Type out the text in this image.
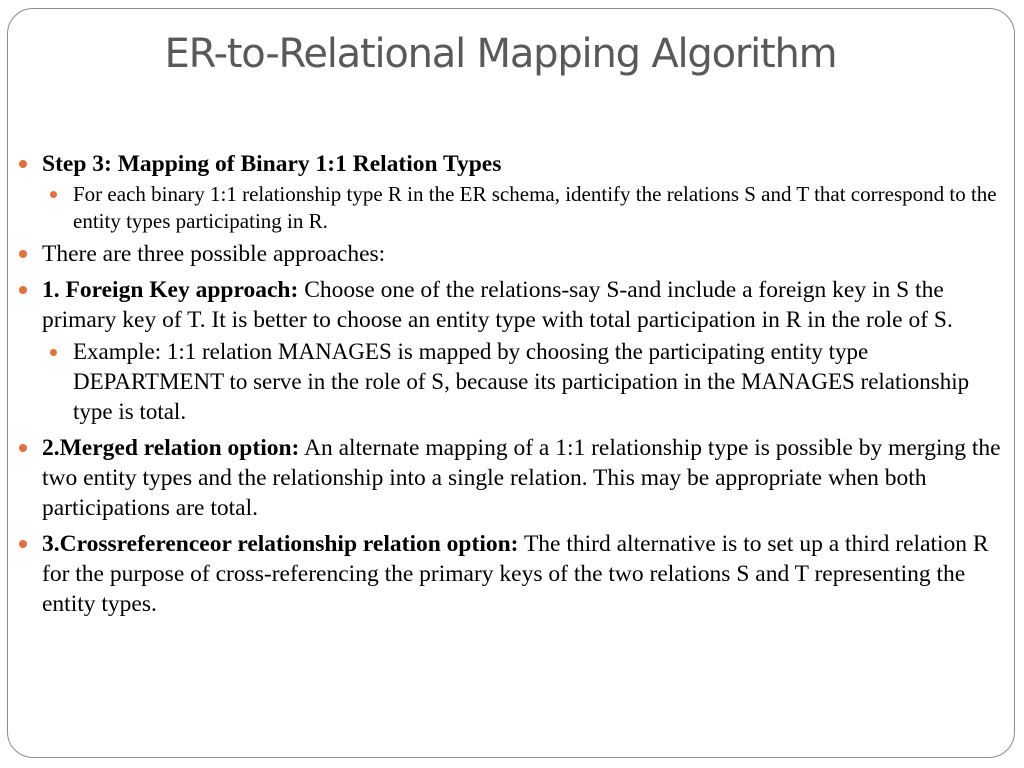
ER-to-Relational Mapping Algorithm
Step 3: Mapping of Binary 1:1 Relation Types
For each binary 1:1 relationship type R in the ER schema, identify the relations S and T that correspond to the entity types participating in R.
There are three possible approaches:
1. Foreign Key approach: Choose one of the relations-say S-and include a foreign key in S the primary key of T. It is better to choose an entity type with total participation in R in the role of S.
Example: 1:1 relation MANAGES is mapped by choosing the participating entity type DEPARTMENT to serve in the role of S, because its participation in the MANAGES relationship type is total.
2.Merged relation option: An alternate mapping of a 1:1 relationship type is possible by merging the two entity types and the relationship into a single relation. This may be appropriate when both participations are total.
3.Crossreferenceor relationship relation option: The third alternative is to set up a third relation R for the purpose of cross-referencing the primary keys of the two relations S and T representing the entity types.
